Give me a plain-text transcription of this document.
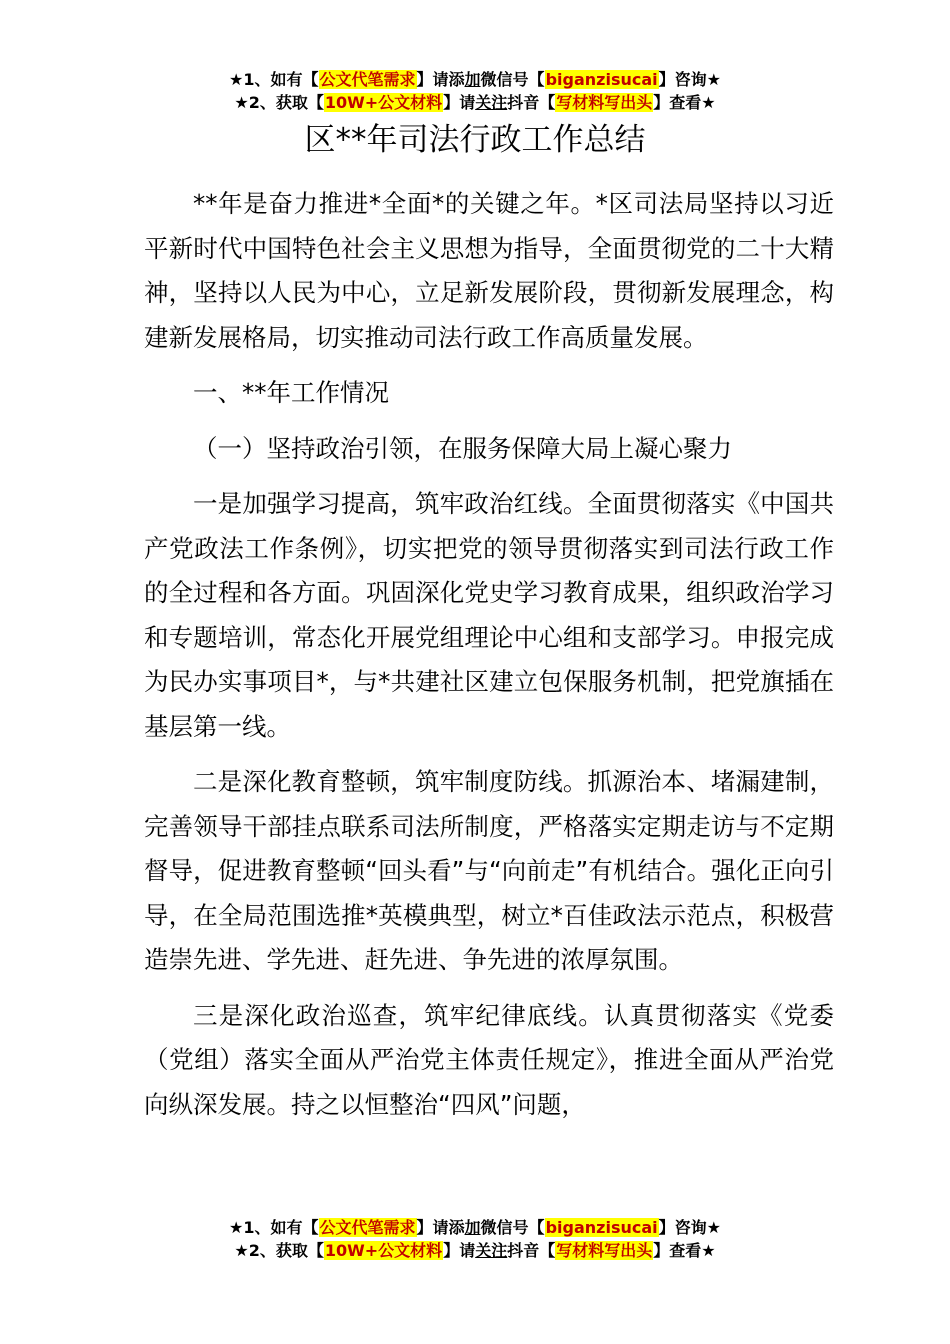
★1、如有【公文代笔需求】请添加微信号【biganzisucai】咨询★
★2、获取【10W+公文材料】请关注抖音【写材料写出头】查看★
区**年司法行政工作总结

**年是奋力推进*全面*的关键之年。*区司法局坚持以习近平新时代中国特色社会主义思想为指导，全面贯彻党的二十大精神，坚持以人民为中心，立足新发展阶段，贯彻新发展理念，构建新发展格局，切实推动司法行政工作高质量发展。

一、**年工作情况

（一）坚持政治引领，在服务保障大局上凝心聚力

一是加强学习提高，筑牢政治红线。全面贯彻落实《中国共产党政法工作条例》，切实把党的领导贯彻落实到司法行政工作的全过程和各方面。巩固深化党史学习教育成果，组织政治学习和专题培训，常态化开展党组理论中心组和支部学习。申报完成为民办实事项目*，与*共建社区建立包保服务机制，把党旗插在基层第一线。

二是深化教育整顿，筑牢制度防线。抓源治本、堵漏建制，完善领导干部挂点联系司法所制度，严格落实定期走访与不定期督导，促进教育整顿“回头看”与“向前走”有机结合。强化正向引导，在全局范围选推*英模典型，树立*百佳政法示范点，积极营造崇先进、学先进、赶先进、争先进的浓厚氛围。

三是深化政治巡查，筑牢纪律底线。认真贯彻落实《党委（党组）落实全面从严治党主体责任规定》，推进全面从严治党向纵深发展。持之以恒整治“四风”问题，

★1、如有【公文代笔需求】请添加微信号【biganzisucai】咨询★
★2、获取【10W+公文材料】请关注抖音【写材料写出头】查看★
